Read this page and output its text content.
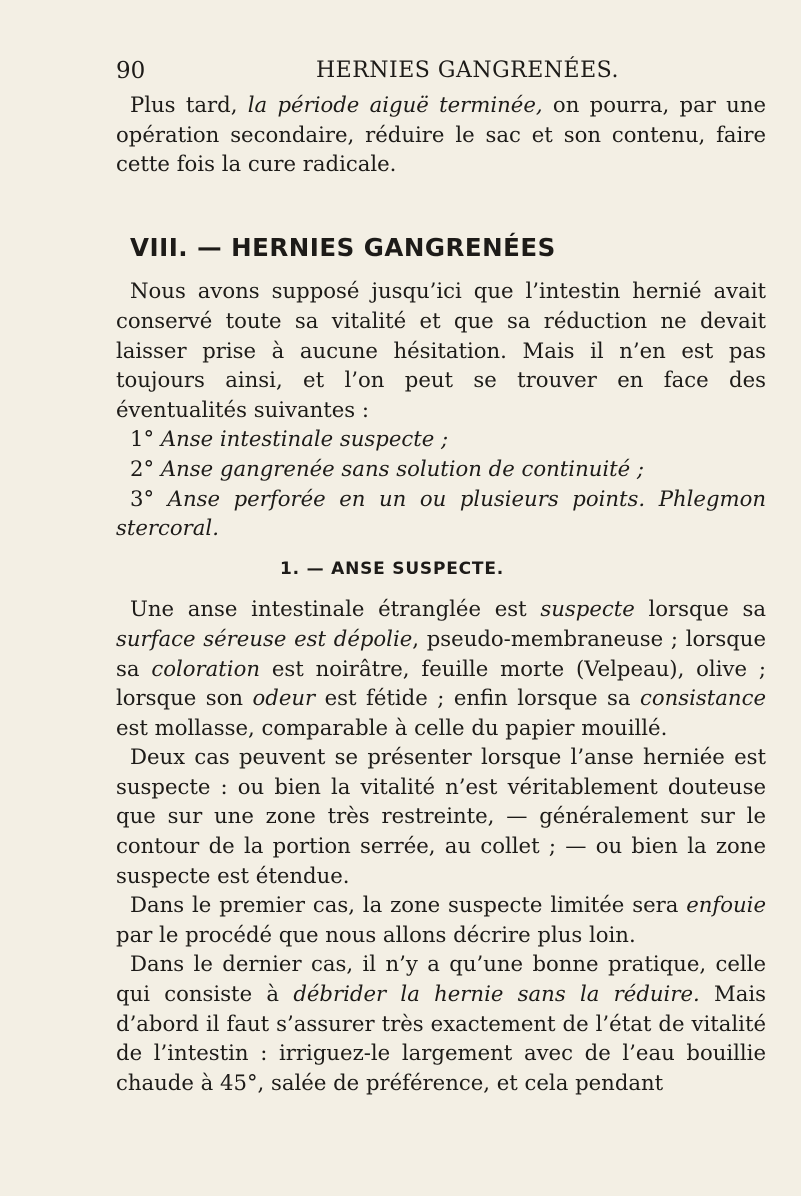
90	HERNIES GANGRENÉES.

Plus tard, la période aiguë terminée, on pourra, par une opération secondaire, réduire le sac et son contenu, faire cette fois la cure radicale.

VIII. — HERNIES GANGRENÉES

Nous avons supposé jusqu’ici que l’intestin hernié avait conservé toute sa vitalité et que sa réduction ne devait laisser prise à aucune hésitation. Mais il n’en est pas toujours ainsi, et l’on peut se trouver en face des éventualités suivantes :

1° Anse intestinale suspecte ;

2° Anse gangrenée sans solution de continuité ;

3° Anse perforée en un ou plusieurs points. Phlegmon stercoral.

1. — ANSE SUSPECTE.

Une anse intestinale étranglée est suspecte lorsque sa surface séreuse est dépolie, pseudo-membraneuse ; lorsque sa coloration est noirâtre, feuille morte (Velpeau), olive ; lorsque son odeur est fétide ; enfin lorsque sa consistance est mollasse, comparable à celle du papier mouillé.

Deux cas peuvent se présenter lorsque l’anse herniée est suspecte : ou bien la vitalité n’est véritablement douteuse que sur une zone très restreinte, — généralement sur le contour de la portion serrée, au collet ; — ou bien la zone suspecte est étendue.

Dans le premier cas, la zone suspecte limitée sera enfouie par le procédé que nous allons décrire plus loin.

Dans le dernier cas, il n’y a qu’une bonne pratique, celle qui consiste à débrider la hernie sans la réduire. Mais d’abord il faut s’assurer très exactement de l’état de vitalité de l’intestin : irriguez-le largement avec de l’eau bouillie chaude à 45°, salée de préférence, et cela pendant
